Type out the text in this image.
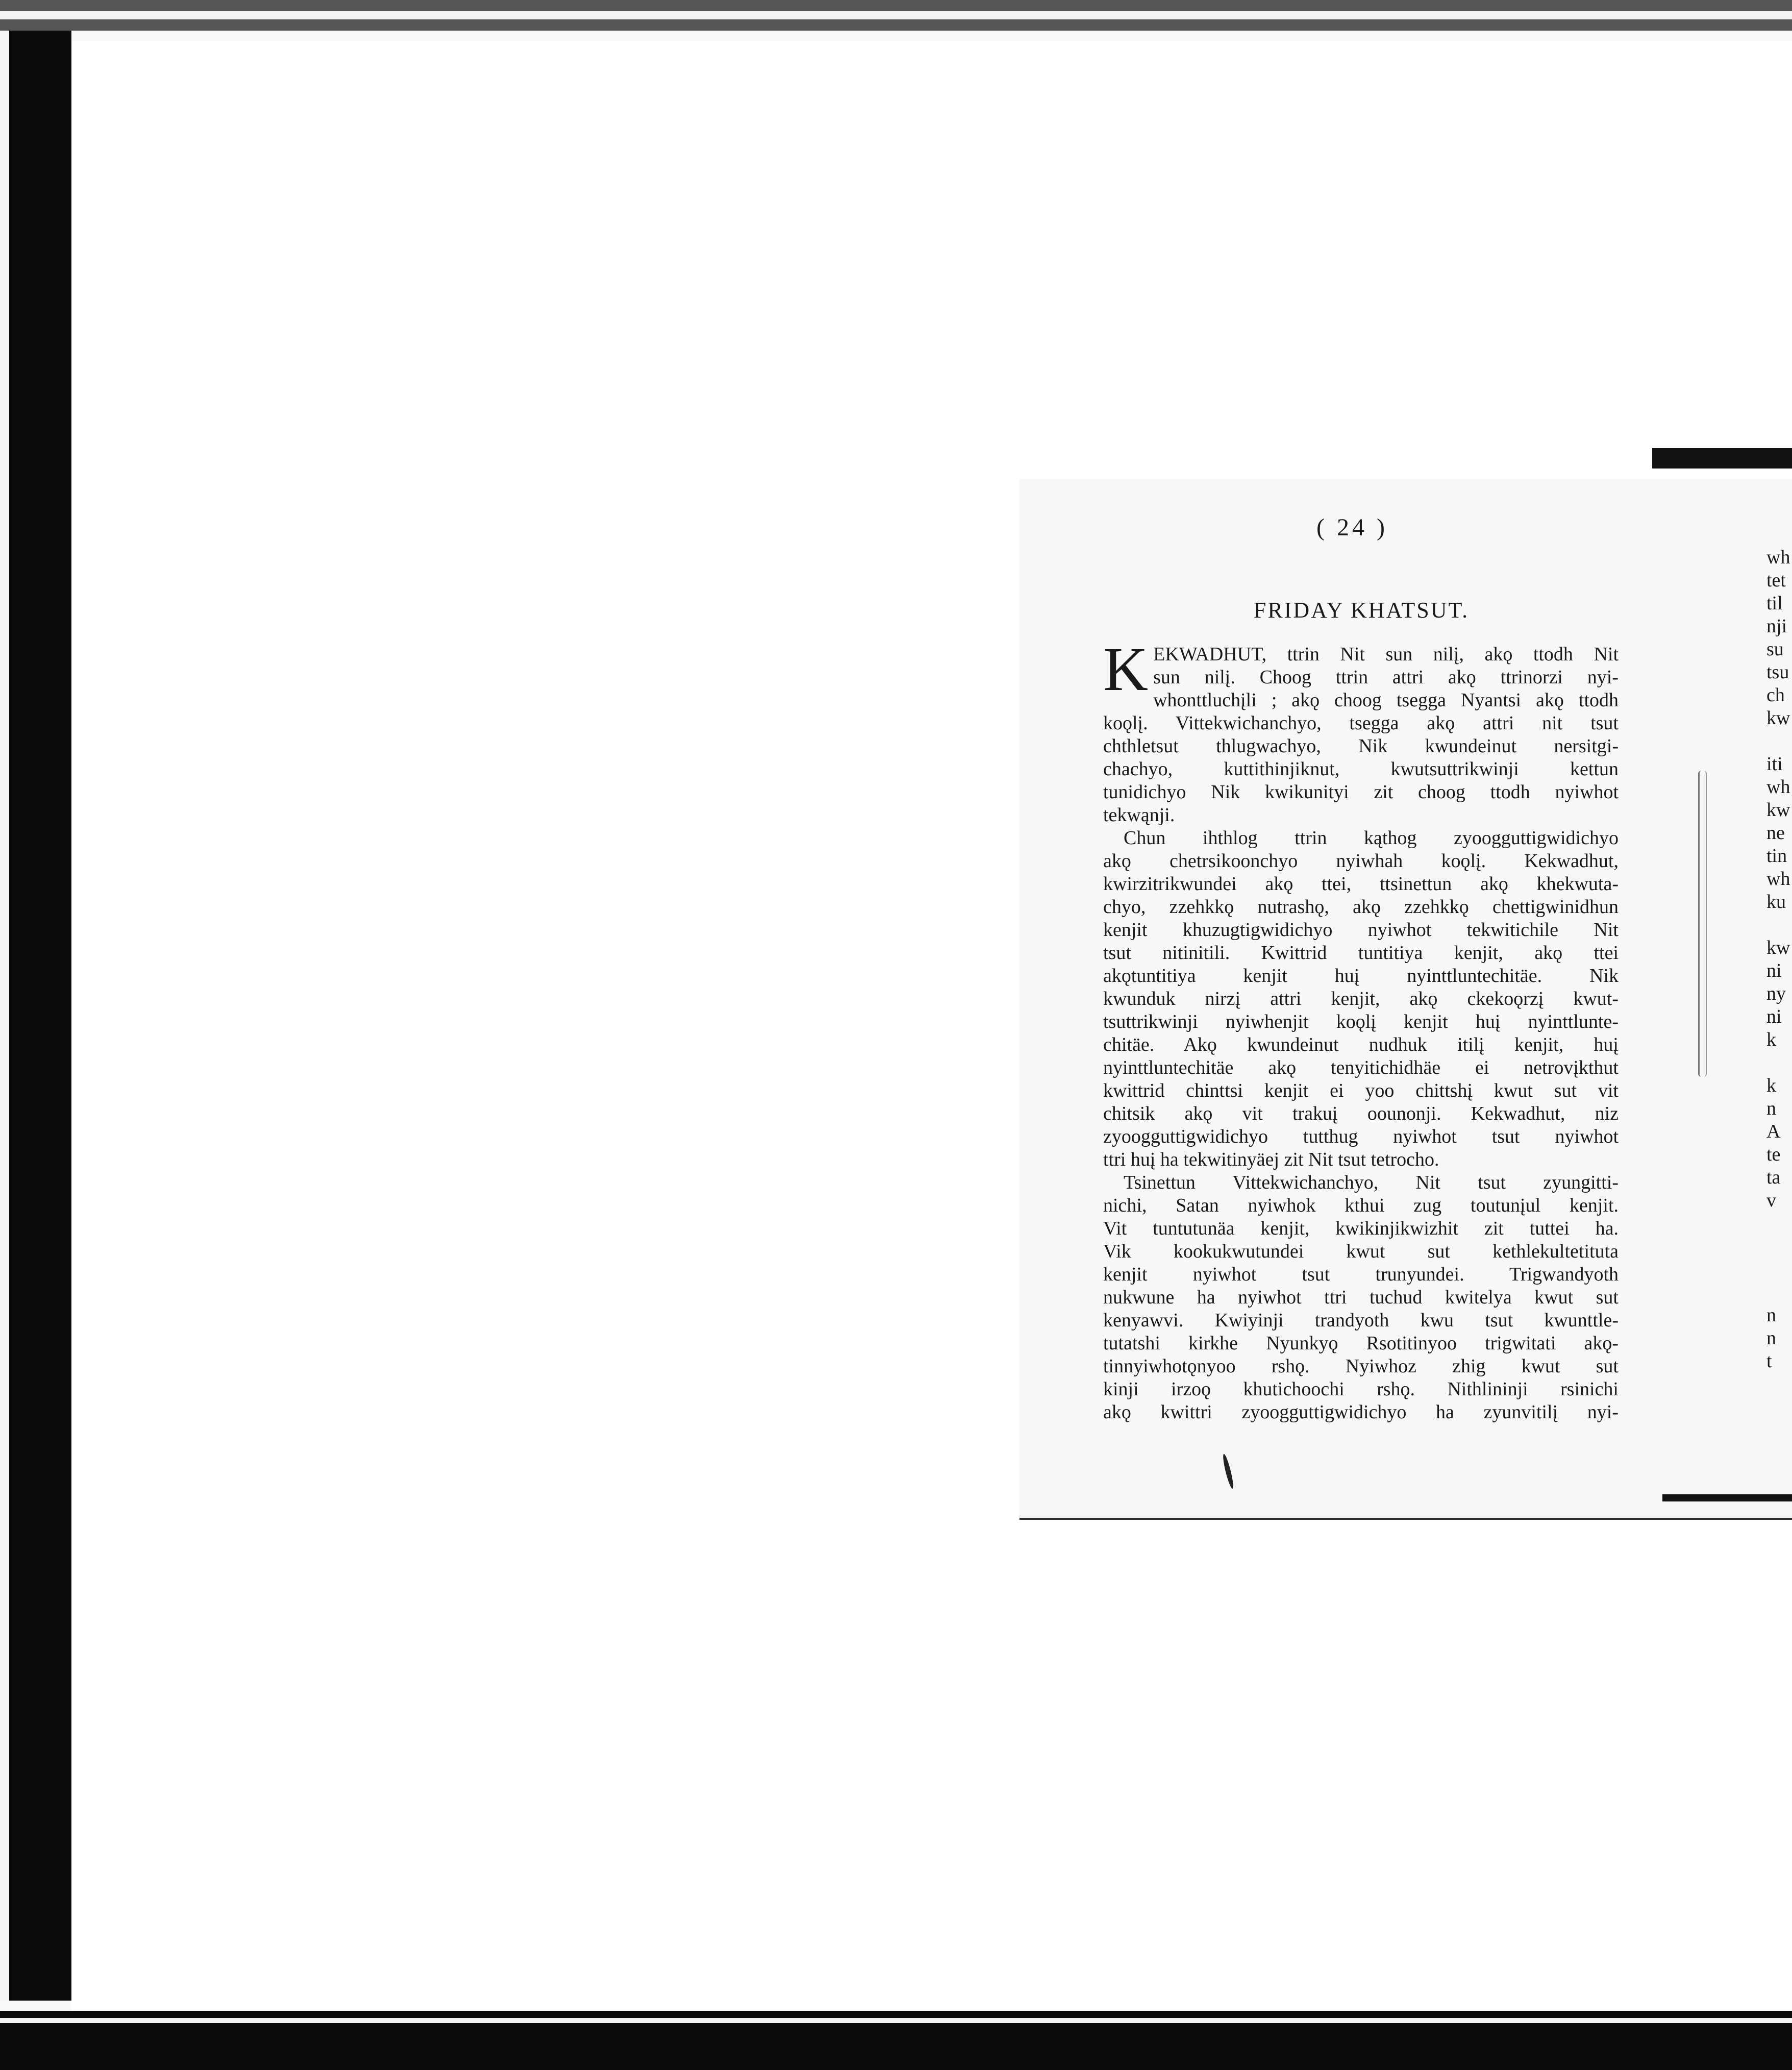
( 24 )
FRIDAY KHATSUT.
K EKWADHUT, ttrin Nit sun nilį, akǫ ttodh Nit
sun nilį. Choog ttrin attri akǫ ttrinorzi nyi-
whonttluchįli ; akǫ choog tsegga Nyantsi akǫ ttodh
koǫlį. Vittekwichanchyo, tsegga akǫ attri nit tsut
chthletsut thlugwachyo, Nik kwundeinut nersitgi-
chachyo, kuttithinjiknut, kwutsuttrikwinji kettun
tunidichyo Nik kwikunityi zit choog ttodh nyiwhot
tekwąnji.
Chun ihthlog ttrin kąthog zyoogguttigwidichyo
akǫ chetrsikoonchyo nyiwhah koǫlį. Kekwadhut,
kwirzitrikwundei akǫ ttei, ttsinettun akǫ khekwuta-
chyo, zzehkkǫ nutrashǫ, akǫ zzehkkǫ chettigwinidhun
kenjit khuzugtigwidichyo nyiwhot tekwitichile Nit
tsut nitinitili. Kwittrid tuntitiya kenjit, akǫ ttei
akǫtuntitiya kenjit huį nyinttluntechitäe. Nik
kwunduk nirzį attri kenjit, akǫ ckekoǫrzį kwut-
tsuttrikwinji nyiwhenjit koǫlį kenjit huį nyinttlunte-
chitäe. Akǫ kwundeinut nudhuk itilį kenjit, huį
nyinttluntechitäe akǫ tenyitichidhäe ei netrovįkthut
kwittrid chinttsi kenjit ei yoo chittshį kwut sut vit
chitsik akǫ vit trakuį oounonji. Kekwadhut, niz
zyoogguttigwidichyo tutthug nyiwhot tsut nyiwhot
ttri huį ha tekwitinyäej zit Nit tsut tetrocho.
Tsinettun Vittekwichanchyo, Nit tsut zyungitti-
nichi, Satan nyiwhok kthui zug toutunįul kenjit.
Vit tuntutunäa kenjit, kwikinjikwizhit zit tuttei ha.
Vik kookukwutundei kwut sut kethlekultetituta
kenjit nyiwhot tsut trunyundei. Trigwandyoth
nukwune ha nyiwhot ttri tuchud kwitelya kwut sut
kenyawvi. Kwiyinji trandyoth kwu tsut kwunttle-
tutatshi kirkhe Nyunkyǫ Rsotitinyoo trigwitati akǫ-
tinnyiwhotǫnyoo rshǫ. Nyiwhoz zhig kwut sut
kinji irzoǫ khutichoochi rshǫ. Nithlininji rsinichi
akǫ kwittri zyoogguttigwidichyo ha zyunvitilį nyi-
wh
tet
til
nji
su
tsu
ch
kw
iti
wh
kw
ne
tin
wh
ku
kw
ni
ny
ni
k
k
n
A
te
ta
v
n
n
t
